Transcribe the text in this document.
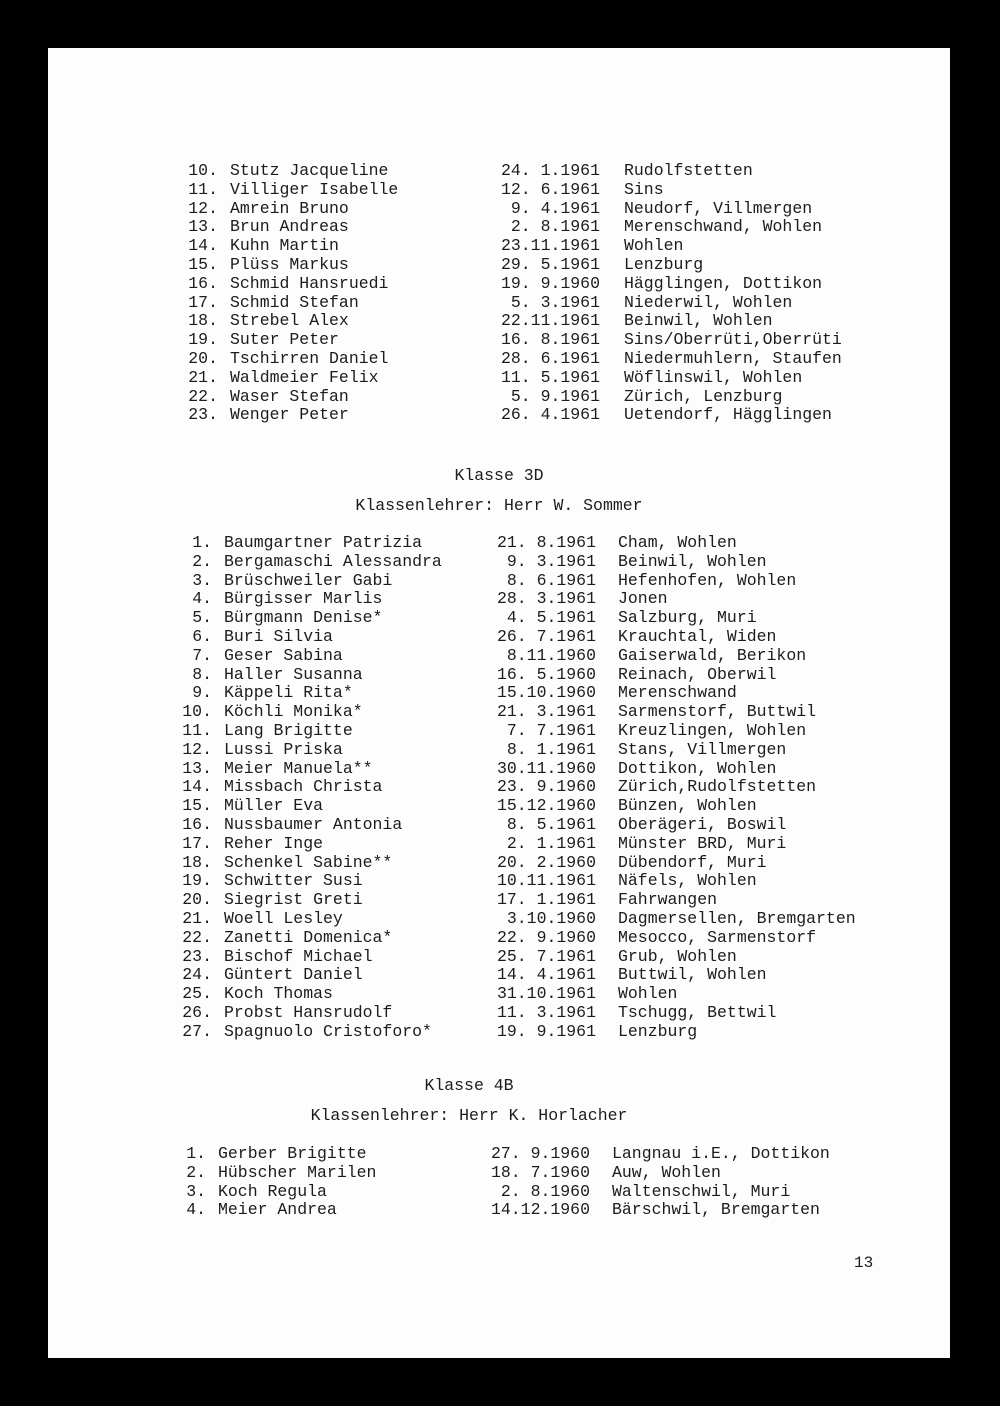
10. Stutz Jacqueline	24. 1.1961 Rudolfstetten
11. Villiger Isabelle	12. 6.1961 Sins
12. Amrein Bruno	9. 4.1961 Neudorf, Villmergen
13. Brun Andreas	2. 8.1961 Merenschwand, Wohlen
14. Kuhn Martin	23.11.1961 Wohlen
15. Plüss Markus	29. 5.1961 Lenzburg
16. Schmid Hansruedi	19. 9.1960 Hägglingen, Dottikon
17. Schmid Stefan	5. 3.1961 Niederwil, Wohlen
18. Strebel Alex	22.11.1961 Beinwil, Wohlen
19. Suter Peter	16. 8.1961 Sins/Oberrüti,Oberrüti
20. Tschirren Daniel	28. 6.1961 Niedermuhlern, Staufen
21. Waldmeier Felix	11. 5.1961 Wöflinswil, Wohlen
22. Waser Stefan	5. 9.1961 Zürich, Lenzburg
23. Wenger Peter	26. 4.1961 Uetendorf, Hägglingen
Klasse 3D
Klassenlehrer: Herr W. Sommer
1. Baumgartner Patrizia	21. 8.1961 Cham, Wohlen
2. Bergamaschi Alessandra	9. 3.1961 Beinwil, Wohlen
3. Brüschweiler Gabi	8. 6.1961 Hefenhofen, Wohlen
4. Bürgisser Marlis	28. 3.1961 Jonen
5. Bürgmann Denise*	4. 5.1961 Salzburg, Muri
6. Buri Silvia	26. 7.1961 Krauchtal, Widen
7. Geser Sabina	8.11.1960 Gaiserwald, Berikon
8. Haller Susanna	16. 5.1960 Reinach, Oberwil
9. Käppeli Rita*	15.10.1960 Merenschwand
10. Köchli Monika*	21. 3.1961 Sarmenstorf, Buttwil
11. Lang Brigitte	7. 7.1961 Kreuzlingen, Wohlen
12. Lussi Priska	8. 1.1961 Stans, Villmergen
13. Meier Manuela**	30.11.1960 Dottikon, Wohlen
14. Missbach Christa	23. 9.1960 Zürich,Rudolfstetten
15. Müller Eva	15.12.1960 Bünzen, Wohlen
16. Nussbaumer Antonia	8. 5.1961 Oberägeri, Boswil
17. Reher Inge	2. 1.1961 Münster BRD, Muri
18. Schenkel Sabine**	20. 2.1960 Dübendorf, Muri
19. Schwitter Susi	10.11.1961 Näfels, Wohlen
20. Siegrist Greti	17. 1.1961 Fahrwangen
21. Woell Lesley	3.10.1960 Dagmersellen, Bremgarten
22. Zanetti Domenica*	22. 9.1960 Mesocco, Sarmenstorf
23. Bischof Michael	25. 7.1961 Grub, Wohlen
24. Güntert Daniel	14. 4.1961 Buttwil, Wohlen
25. Koch Thomas	31.10.1961 Wohlen
26. Probst Hansrudolf	11. 3.1961 Tschugg, Bettwil
27. Spagnuolo Cristoforo*	19. 9.1961 Lenzburg
Klasse 4B
Klassenlehrer: Herr K. Horlacher
1. Gerber Brigitte	27. 9.1960 Langnau i.E., Dottikon
2. Hübscher Marilen	18. 7.1960 Auw, Wohlen
3. Koch Regula	2. 8.1960 Waltenschwil, Muri
4. Meier Andrea	14.12.1960 Bärschwil, Bremgarten
13
